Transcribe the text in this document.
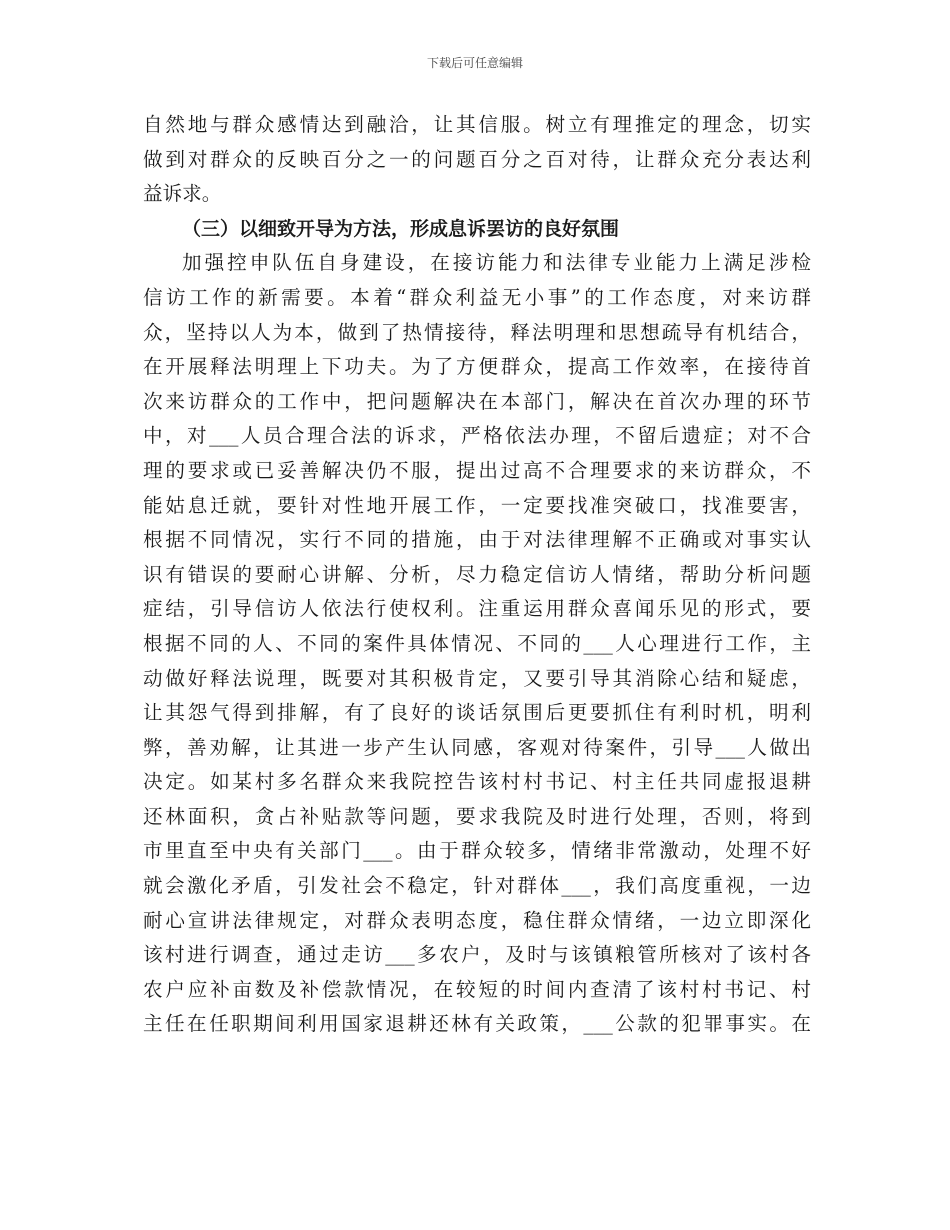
下载后可任意编辑
自然地与群众感情达到融洽，让其信服。树立有理推定的理念，切实
做到对群众的反映百分之一的问题百分之百对待，让群众充分表达利
益诉求。
（三）以细致开导为方法，形成息诉罢访的良好氛围
加强控申队伍自身建设，在接访能力和法律专业能力上满足涉检
信访工作的新需要。本着“群众利益无小事”的工作态度，对来访群
众，坚持以人为本，做到了热情接待，释法明理和思想疏导有机结合，
在开展释法明理上下功夫。为了方便群众，提高工作效率，在接待首
次来访群众的工作中，把问题解决在本部门，解决在首次办理的环节
中，对___人员合理合法的诉求，严格依法办理，不留后遗症；对不合
理的要求或已妥善解决仍不服，提出过高不合理要求的来访群众，不
能姑息迁就，要针对性地开展工作，一定要找准突破口，找准要害，
根据不同情况，实行不同的措施，由于对法律理解不正确或对事实认
识有错误的要耐心讲解、分析，尽力稳定信访人情绪，帮助分析问题
症结，引导信访人依法行使权利。注重运用群众喜闻乐见的形式，要
根据不同的人、不同的案件具体情况、不同的___人心理进行工作，主
动做好释法说理，既要对其积极肯定，又要引导其消除心结和疑虑，
让其怨气得到排解，有了良好的谈话氛围后更要抓住有利时机，明利
弊，善劝解，让其进一步产生认同感，客观对待案件，引导___人做出
决定。如某村多名群众来我院控告该村村书记、村主任共同虚报退耕
还林面积，贪占补贴款等问题，要求我院及时进行处理，否则，将到
市里直至中央有关部门___。由于群众较多，情绪非常激动，处理不好
就会激化矛盾，引发社会不稳定，针对群体___，我们高度重视，一边
耐心宣讲法律规定，对群众表明态度，稳住群众情绪，一边立即深化
该村进行调查，通过走访___多农户，及时与该镇粮管所核对了该村各
农户应补亩数及补偿款情况，在较短的时间内查清了该村村书记、村
主任在任职期间利用国家退耕还林有关政策，___公款的犯罪事实。在
